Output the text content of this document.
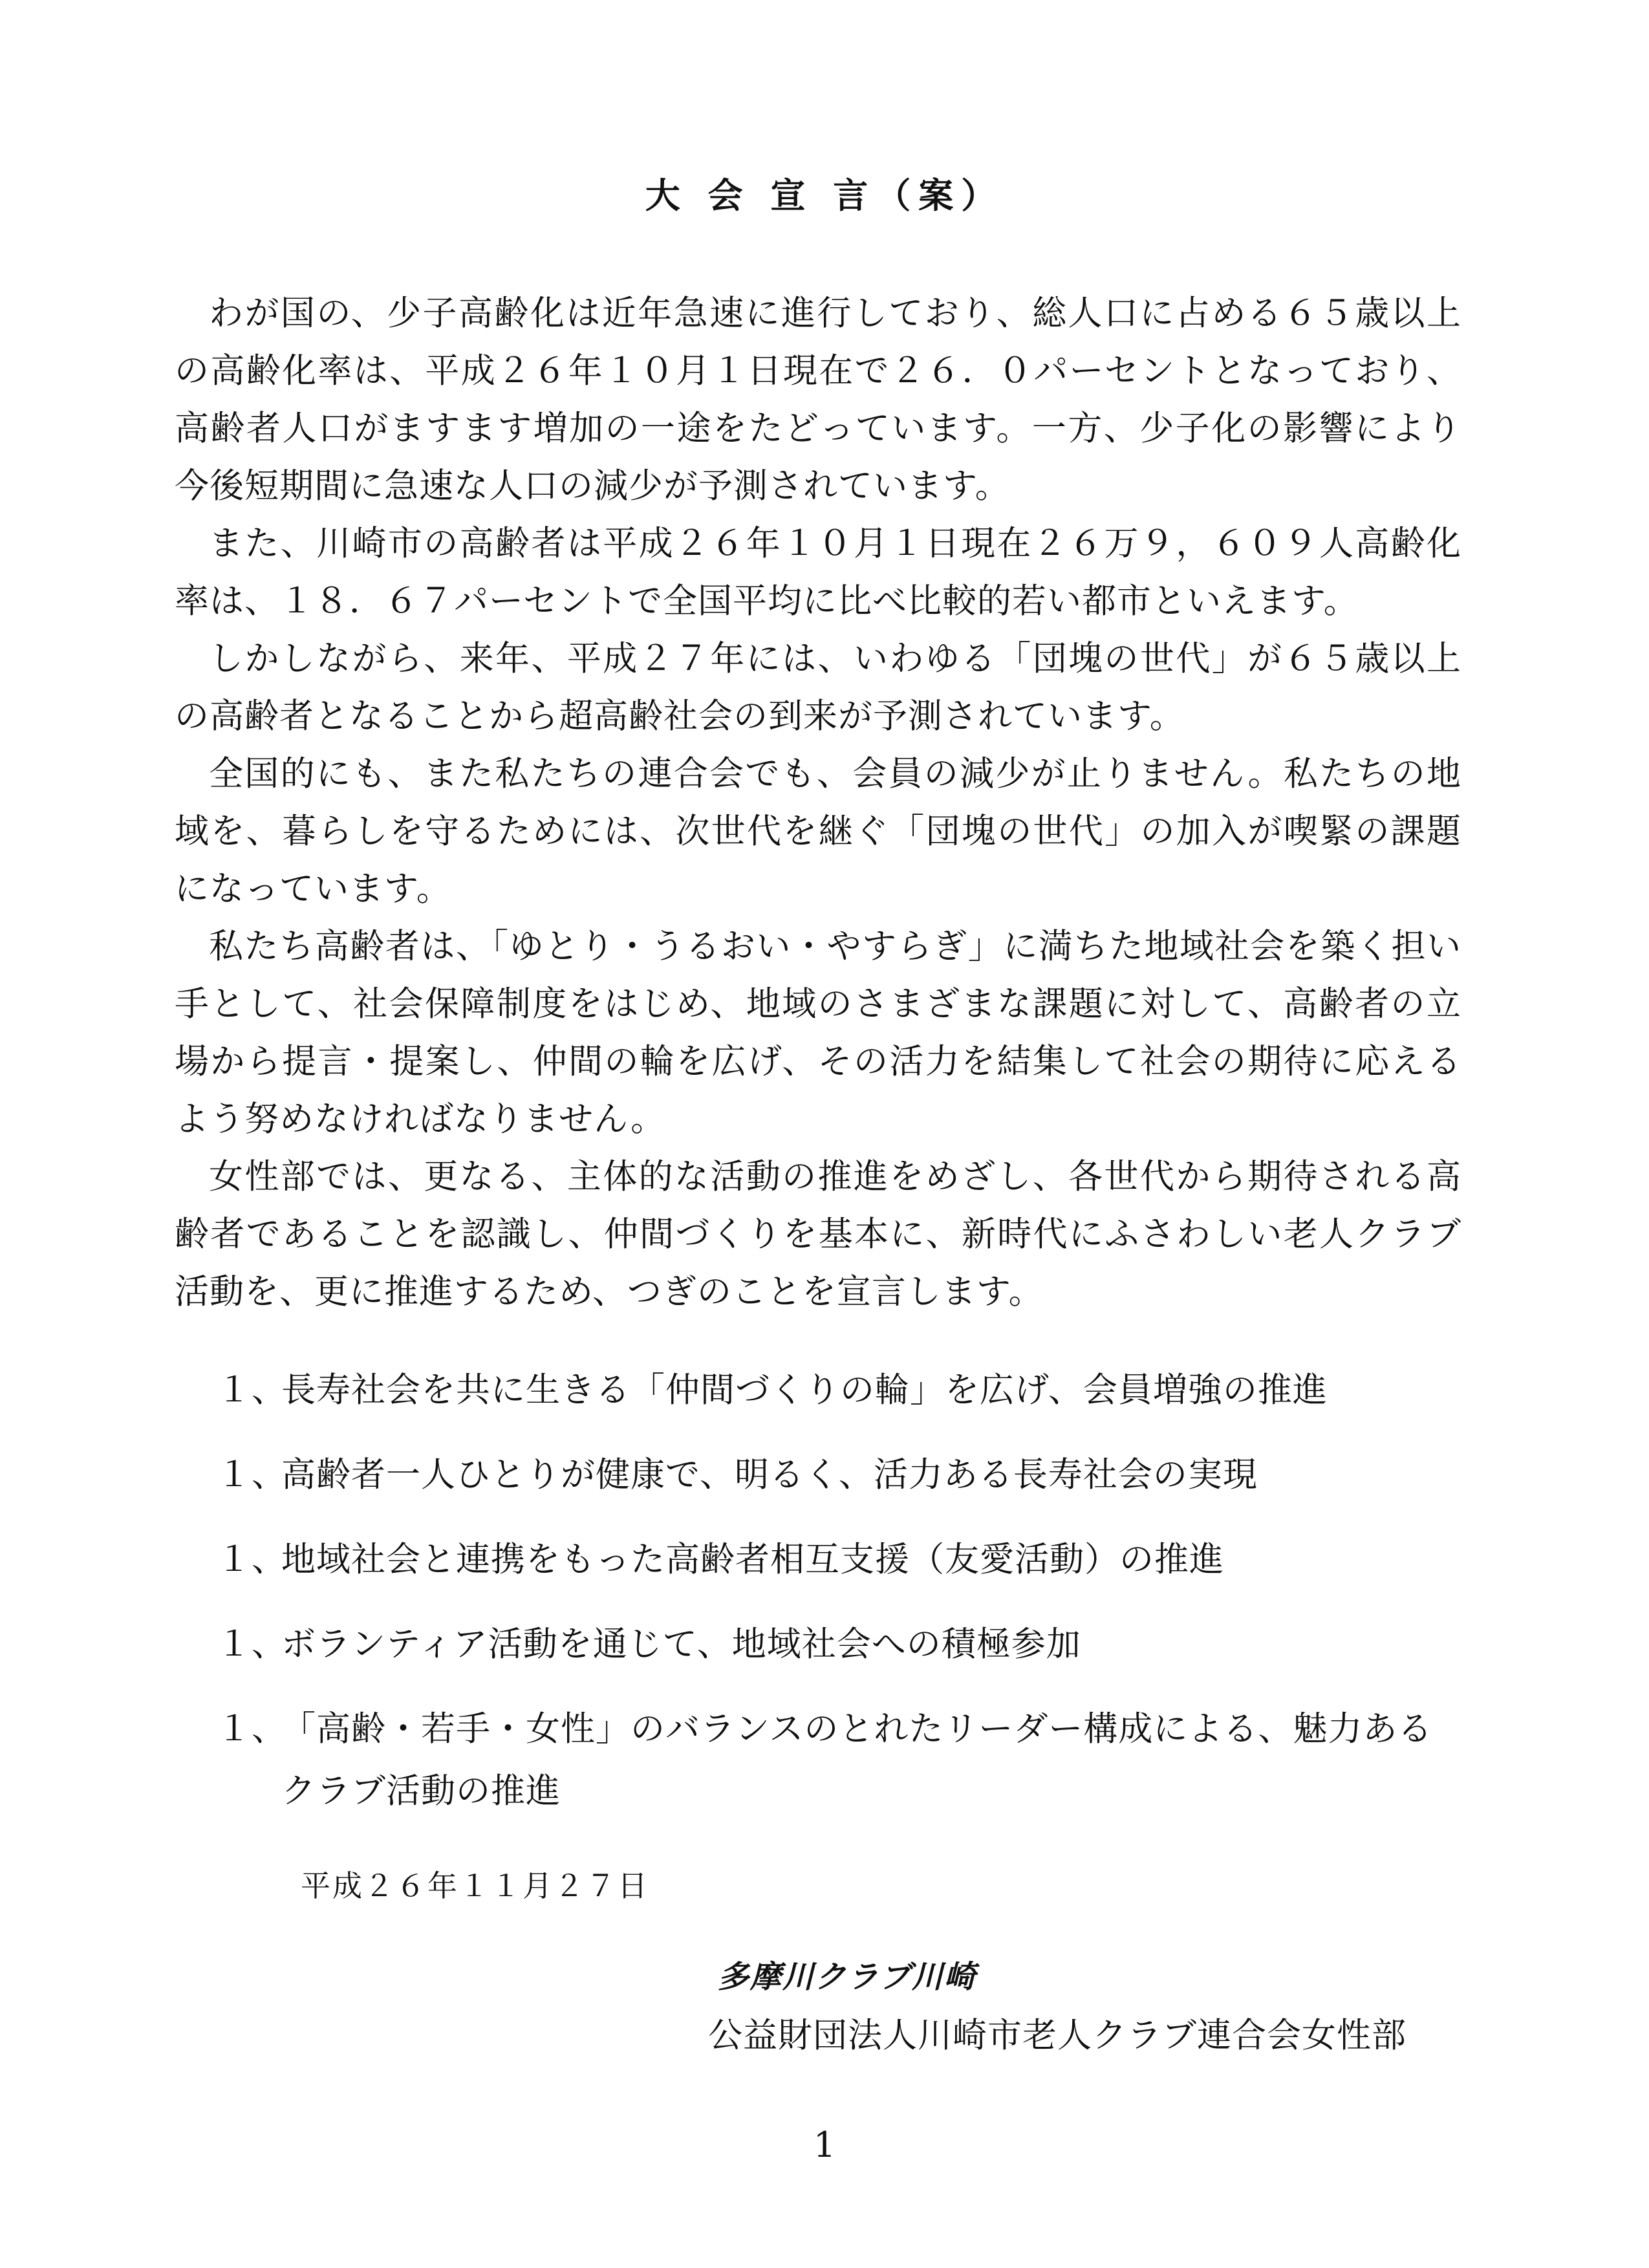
大 会 宣 言（案）

わが国の、少子高齢化は近年急速に進行しており、総人口に占める６５歳以上の高齢化率は、平成２６年１０月１日現在で２６．０パーセントとなっており、高齢者人口がますます増加の一途をたどっています。一方、少子化の影響により今後短期間に急速な人口の減少が予測されています。

また、川崎市の高齢者は平成２６年１０月１日現在２６万９，６０９人高齢化率は、１８．６７パーセントで全国平均に比べ比較的若い都市といえます。

しかしながら、来年、平成２７年には、いわゆる「団塊の世代」が６５歳以上の高齢者となることから超高齢社会の到来が予測されています。

全国的にも、また私たちの連合会でも、会員の減少が止りません。私たちの地域を、暮らしを守るためには、次世代を継ぐ「団塊の世代」の加入が喫緊の課題になっています。

私たち高齢者は、「ゆとり・うるおい・やすらぎ」に満ちた地域社会を築く担い手として、社会保障制度をはじめ、地域のさまざまな課題に対して、高齢者の立場から提言・提案し、仲間の輪を広げ、その活力を結集して社会の期待に応えるよう努めなければなりません。

女性部では、更なる、主体的な活動の推進をめざし、各世代から期待される高齢者であることを認識し、仲間づくりを基本に、新時代にふさわしい老人クラブ活動を、更に推進するため、つぎのことを宣言します。

１、
長寿社会を共に生きる「仲間づくりの輪」を広げ、会員増強の推進
１、
高齢者一人ひとりが健康で、明るく、活力ある長寿社会の実現
１、
地域社会と連携をもった高齢者相互支援（友愛活動）の推進
１、
ボランティア活動を通じて、地域社会への積極参加
１、
「高齢・若手・女性」のバランスのとれたリーダー構成による、魅力あるクラブ活動の推進
平成２６年１１月２７日
多摩川クラブ川崎
公益財団法人川崎市老人クラブ連合会女性部
1
